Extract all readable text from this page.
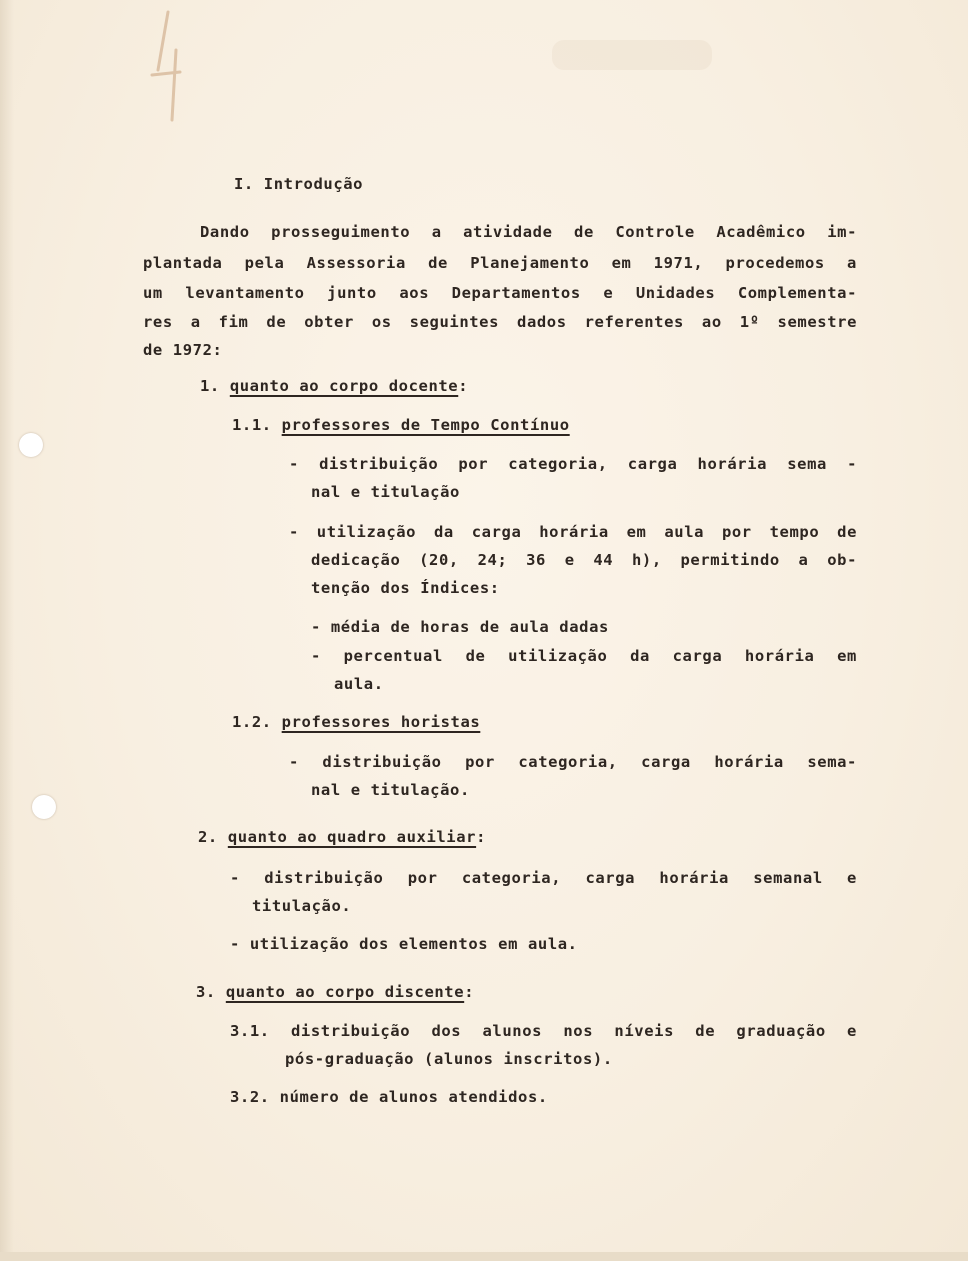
I. Introdução
Dando prosseguimento a atividade de Controle Acadêmico im-
plantada pela Assessoria de Planejamento em 1971, procedemos a
um levantamento junto aos Departamentos e Unidades Complementa-
res a fim de obter os seguintes dados referentes ao 1º semestre
de 1972:
1. quanto ao corpo docente:
1.1. professores de Tempo Contínuo
- distribuição por categoria, carga horária sema -
nal e titulação
- utilização da carga horária em aula por tempo de
dedicação (20, 24; 36 e 44 h), permitindo a ob-
tenção dos Índices:
- média de horas de aula dadas
- percentual de utilização da carga horária em
aula.
1.2. professores horistas
- distribuição por categoria, carga horária sema-
nal e titulação.
2. quanto ao quadro auxiliar:
- distribuição por categoria, carga horária semanal e
titulação.
- utilização dos elementos em aula.
3. quanto ao corpo discente:
3.1. distribuição dos alunos nos níveis de graduação e
pós-graduação (alunos inscritos).
3.2. número de alunos atendidos.
